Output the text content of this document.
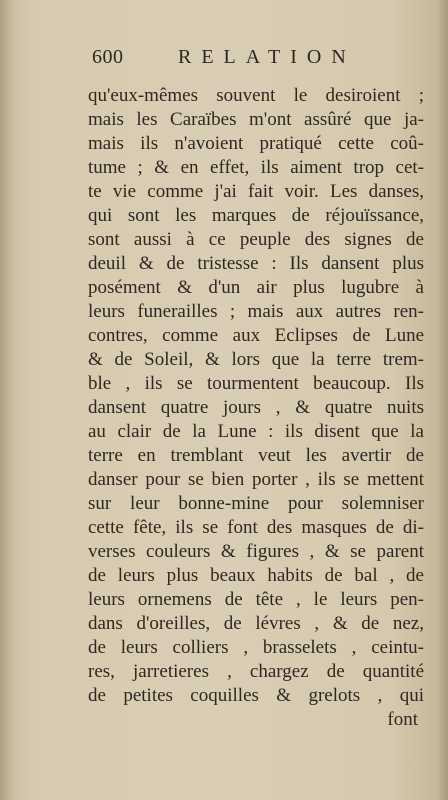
600	RELATION
qu'eux-mêmes souvent le desiroient ;
mais les Caraïbes m'ont assûré que ja-
mais ils n'avoient pratiqué cette coû-
tume ; & en effet, ils aiment trop cet-
te vie comme j'ai fait voir. Les danses,
qui sont les marques de réjouïssance,
sont aussi à ce peuple des signes de
deuil & de tristesse : Ils dansent plus
posément & d'un air plus lugubre à
leurs funerailles ; mais aux autres ren-
contres, comme aux Eclipses de Lune
& de Soleil, & lors que la terre trem-
ble , ils se tourmentent beaucoup. Ils
dansent quatre jours , & quatre nuits
au clair de la Lune : ils disent que la
terre en tremblant veut les avertir de
danser pour se bien porter , ils se mettent
sur leur bonne-mine pour solemniser
cette fête, ils se font des masques de di-
verses couleurs & figures , & se parent
de leurs plus beaux habits de bal , de
leurs ornemens de tête , le leurs pen-
dans d'oreilles, de lévres , & de nez,
de leurs colliers , brasselets , ceintu-
res, jarretieres , chargez de quantité
de petites coquilles & grelots , qui
font
